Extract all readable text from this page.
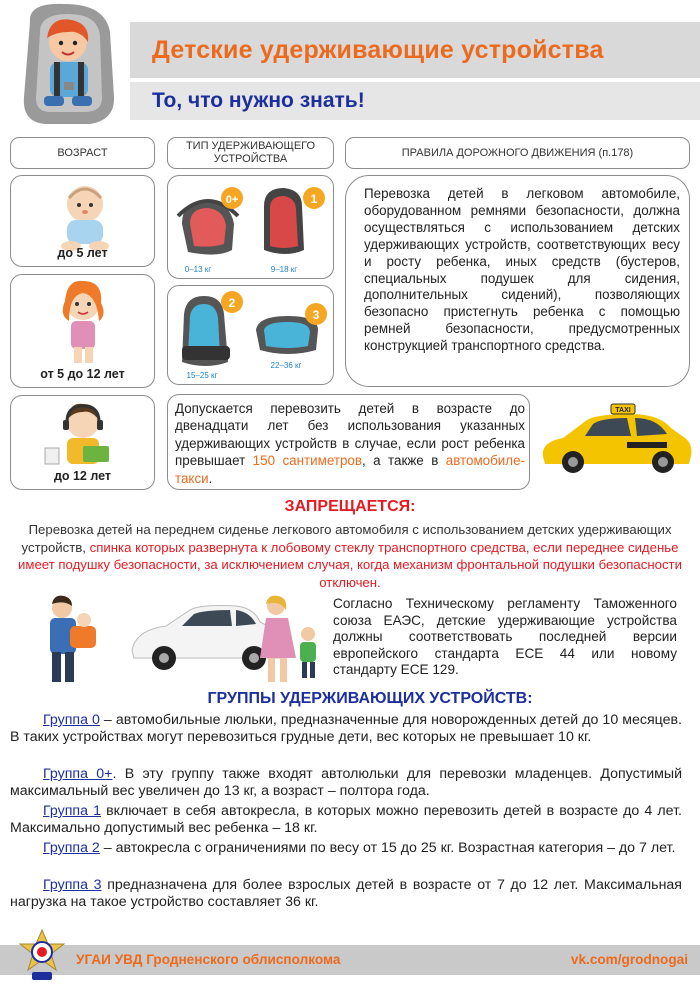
Детские удерживающие устройства
То, что нужно знать!
ВОЗРАСТ
ТИП УДЕРЖИВАЮЩЕГО УСТРОЙСТВА
ПРАВИЛА ДОРОЖНОГО ДВИЖЕНИЯ (п.178)
до 5 лет
от 5 до 12 лет
до 12 лет
0+	1
0–13 кг	9–18 кг
2
3
15–25 кг
22–36 кг
Перевозка детей в легковом автомобиле, оборудованном ремнями безопасности, должна осуществляться с использованием детских удерживающих устройств, соответствующих весу и росту ребенка, иных средств (бустеров, специальных подушек для сидения, дополнительных сидений), позволяющих безопасно пристегнуть ребенка с помощью ремней безопасности, предусмотренных конструкцией транспортного средства.
Допускается перевозить детей в возрасте до двенадцати лет без использования указанных удерживающих устройств в случае, если рост ребенка превышает 150 сантиметров, а также в автомобиле-такси.
TAXI
ЗАПРЕЩАЕТСЯ:
Перевозка детей на переднем сиденье легкового автомобиля с использованием детских удерживающих устройств, спинка которых развернута к лобовому стеклу транспортного средства, если переднее сиденье имеет подушку безопасности, за исключением случая, когда механизм фронтальной подушки безопасности отключен.
Согласно Техническому регламенту Таможенного союза ЕАЭС, детские удерживающие устройства должны соответствовать последней версии европейского стандарта ECE 44 или новому стандарту ECE 129.
ГРУППЫ УДЕРЖИВАЮЩИХ УСТРОЙСТВ:
Группа 0 – автомобильные люльки, предназначенные для новорожденных детей до 10 месяцев. В таких устройствах могут перевозиться грудные дети, вес которых не превышает 10 кг.
Группа 0+. В эту группу также входят автолюльки для перевозки младенцев. Допустимый максимальный вес увеличен до 13 кг, а возраст – полтора года.
Группа 1 включает в себя автокресла, в которых можно перевозить детей в возрасте до 4 лет. Максимально допустимый вес ребенка – 18 кг.
Группа 2 – автокресла с ограничениями по весу от 15 до 25 кг. Возрастная категория – до 7 лет.
Группа 3 предназначена для более взрослых детей в возрасте от 7 до 12 лет. Максимальная нагрузка на такое устройство составляет 36 кг.
УГАИ УВД Гродненского облисполкома	vk.com/grodnogai
